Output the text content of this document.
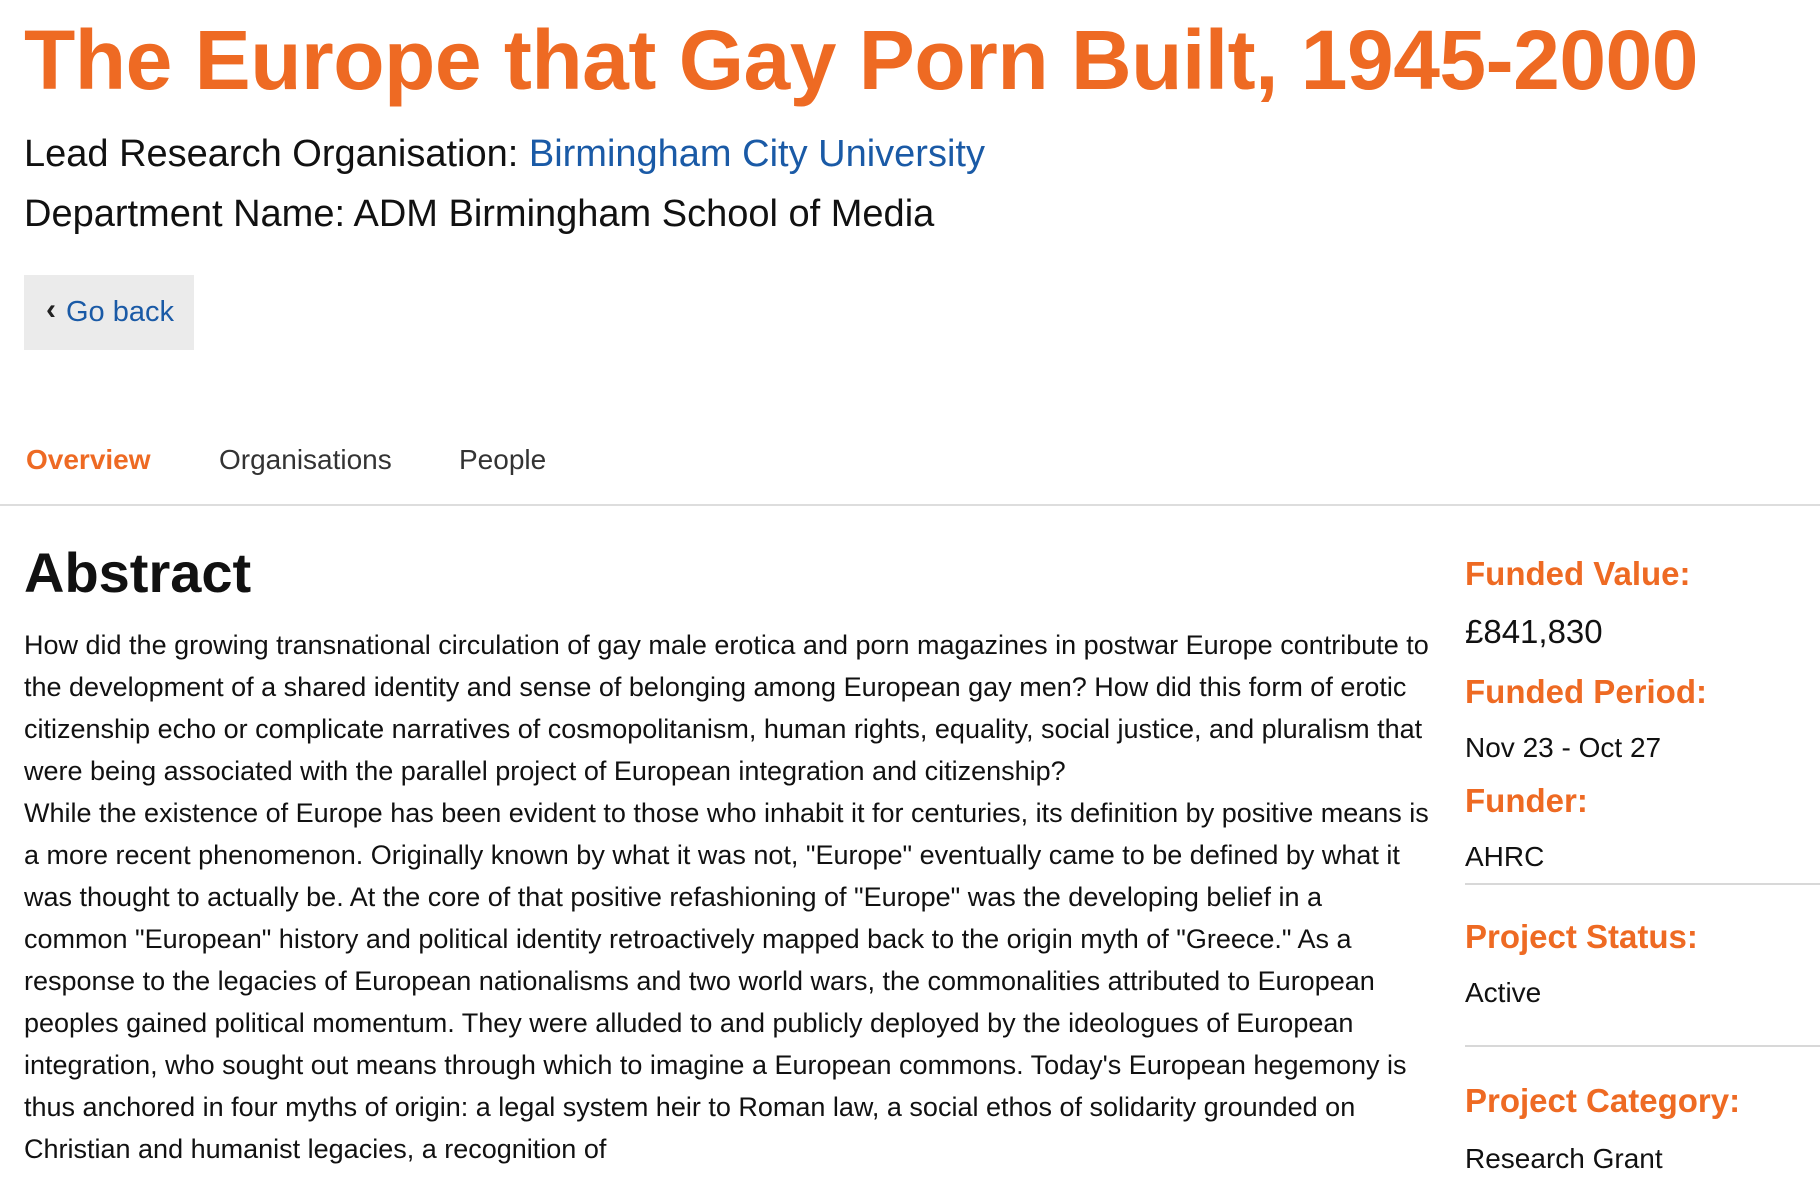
The Europe that Gay Porn Built, 1945-2000
Lead Research Organisation: Birmingham City University
Department Name: ADM Birmingham School of Media
‹ Go back
Overview Organisations People
Abstract

How did the growing transnational circulation of gay male erotica and porn magazines in postwar Europe contribute to the development of a shared identity and sense of belonging among European gay men? How did this form of erotic citizenship echo or complicate narratives of cosmopolitanism, human rights, equality, social justice, and pluralism that were being associated with the parallel project of European integration and citizenship?

While the existence of Europe has been evident to those who inhabit it for centuries, its definition by positive means is a more recent phenomenon. Originally known by what it was not, "Europe" eventually came to be defined by what it was thought to actually be. At the core of that positive refashioning of "Europe" was the developing belief in a common "European" history and political identity retroactively mapped back to the origin myth of "Greece." As a response to the legacies of European nationalisms and two world wars, the commonalities attributed to European peoples gained political momentum. They were alluded to and publicly deployed by the ideologues of European integration, who sought out means through which to imagine a European commons. Today's European hegemony is thus anchored in four myths of origin: a legal system heir to Roman law, a social ethos of solidarity grounded on Christian and humanist legacies, a recognition of

Funded Value:
£841,830
Funded Period:
Nov 23 - Oct 27
Funder:
AHRC
Project Status:
Active
Project Category:
Research Grant
